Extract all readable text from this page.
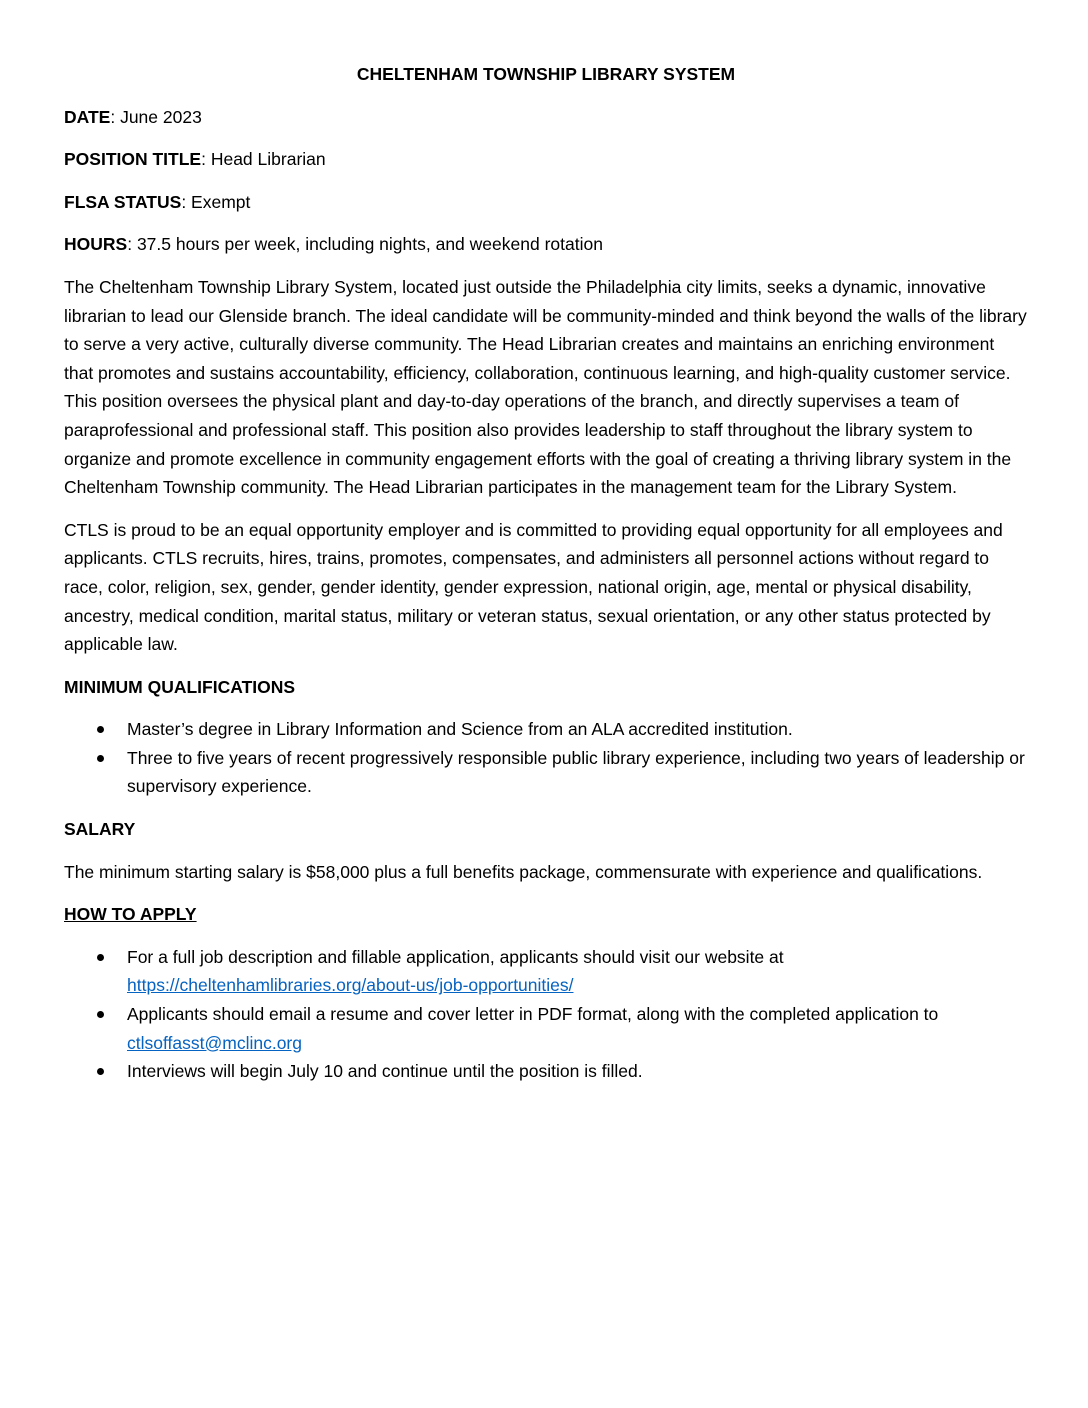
CHELTENHAM TOWNSHIP LIBRARY SYSTEM
DATE: June 2023
POSITION TITLE: Head Librarian
FLSA STATUS: Exempt
HOURS: 37.5 hours per week, including nights, and weekend rotation
The Cheltenham Township Library System, located just outside the Philadelphia city limits, seeks a dynamic, innovative librarian to lead our Glenside branch. The ideal candidate will be community-minded and think beyond the walls of the library to serve a very active, culturally diverse community. The Head Librarian creates and maintains an enriching environment that promotes and sustains accountability, efficiency, collaboration, continuous learning, and high-quality customer service. This position oversees the physical plant and day-to-day operations of the branch, and directly supervises a team of paraprofessional and professional staff. This position also provides leadership to staff throughout the library system to organize and promote excellence in community engagement efforts with the goal of creating a thriving library system in the Cheltenham Township community. The Head Librarian participates in the management team for the Library System.
CTLS is proud to be an equal opportunity employer and is committed to providing equal opportunity for all employees and applicants. CTLS recruits, hires, trains, promotes, compensates, and administers all personnel actions without regard to race, color, religion, sex, gender, gender identity, gender expression, national origin, age, mental or physical disability, ancestry, medical condition, marital status, military or veteran status, sexual orientation, or any other status protected by applicable law.
MINIMUM QUALIFICATIONS
Master’s degree in Library Information and Science from an ALA accredited institution.
Three to five years of recent progressively responsible public library experience, including two years of leadership or supervisory experience.
SALARY
The minimum starting salary is $58,000 plus a full benefits package, commensurate with experience and qualifications.
HOW TO APPLY
For a full job description and fillable application, applicants should visit our website at
https://cheltenhamlibraries.org/about-us/job-opportunities/
Applicants should email a resume and cover letter in PDF format, along with the completed application to ctlsoffasst@mclinc.org
Interviews will begin July 10 and continue until the position is filled.
